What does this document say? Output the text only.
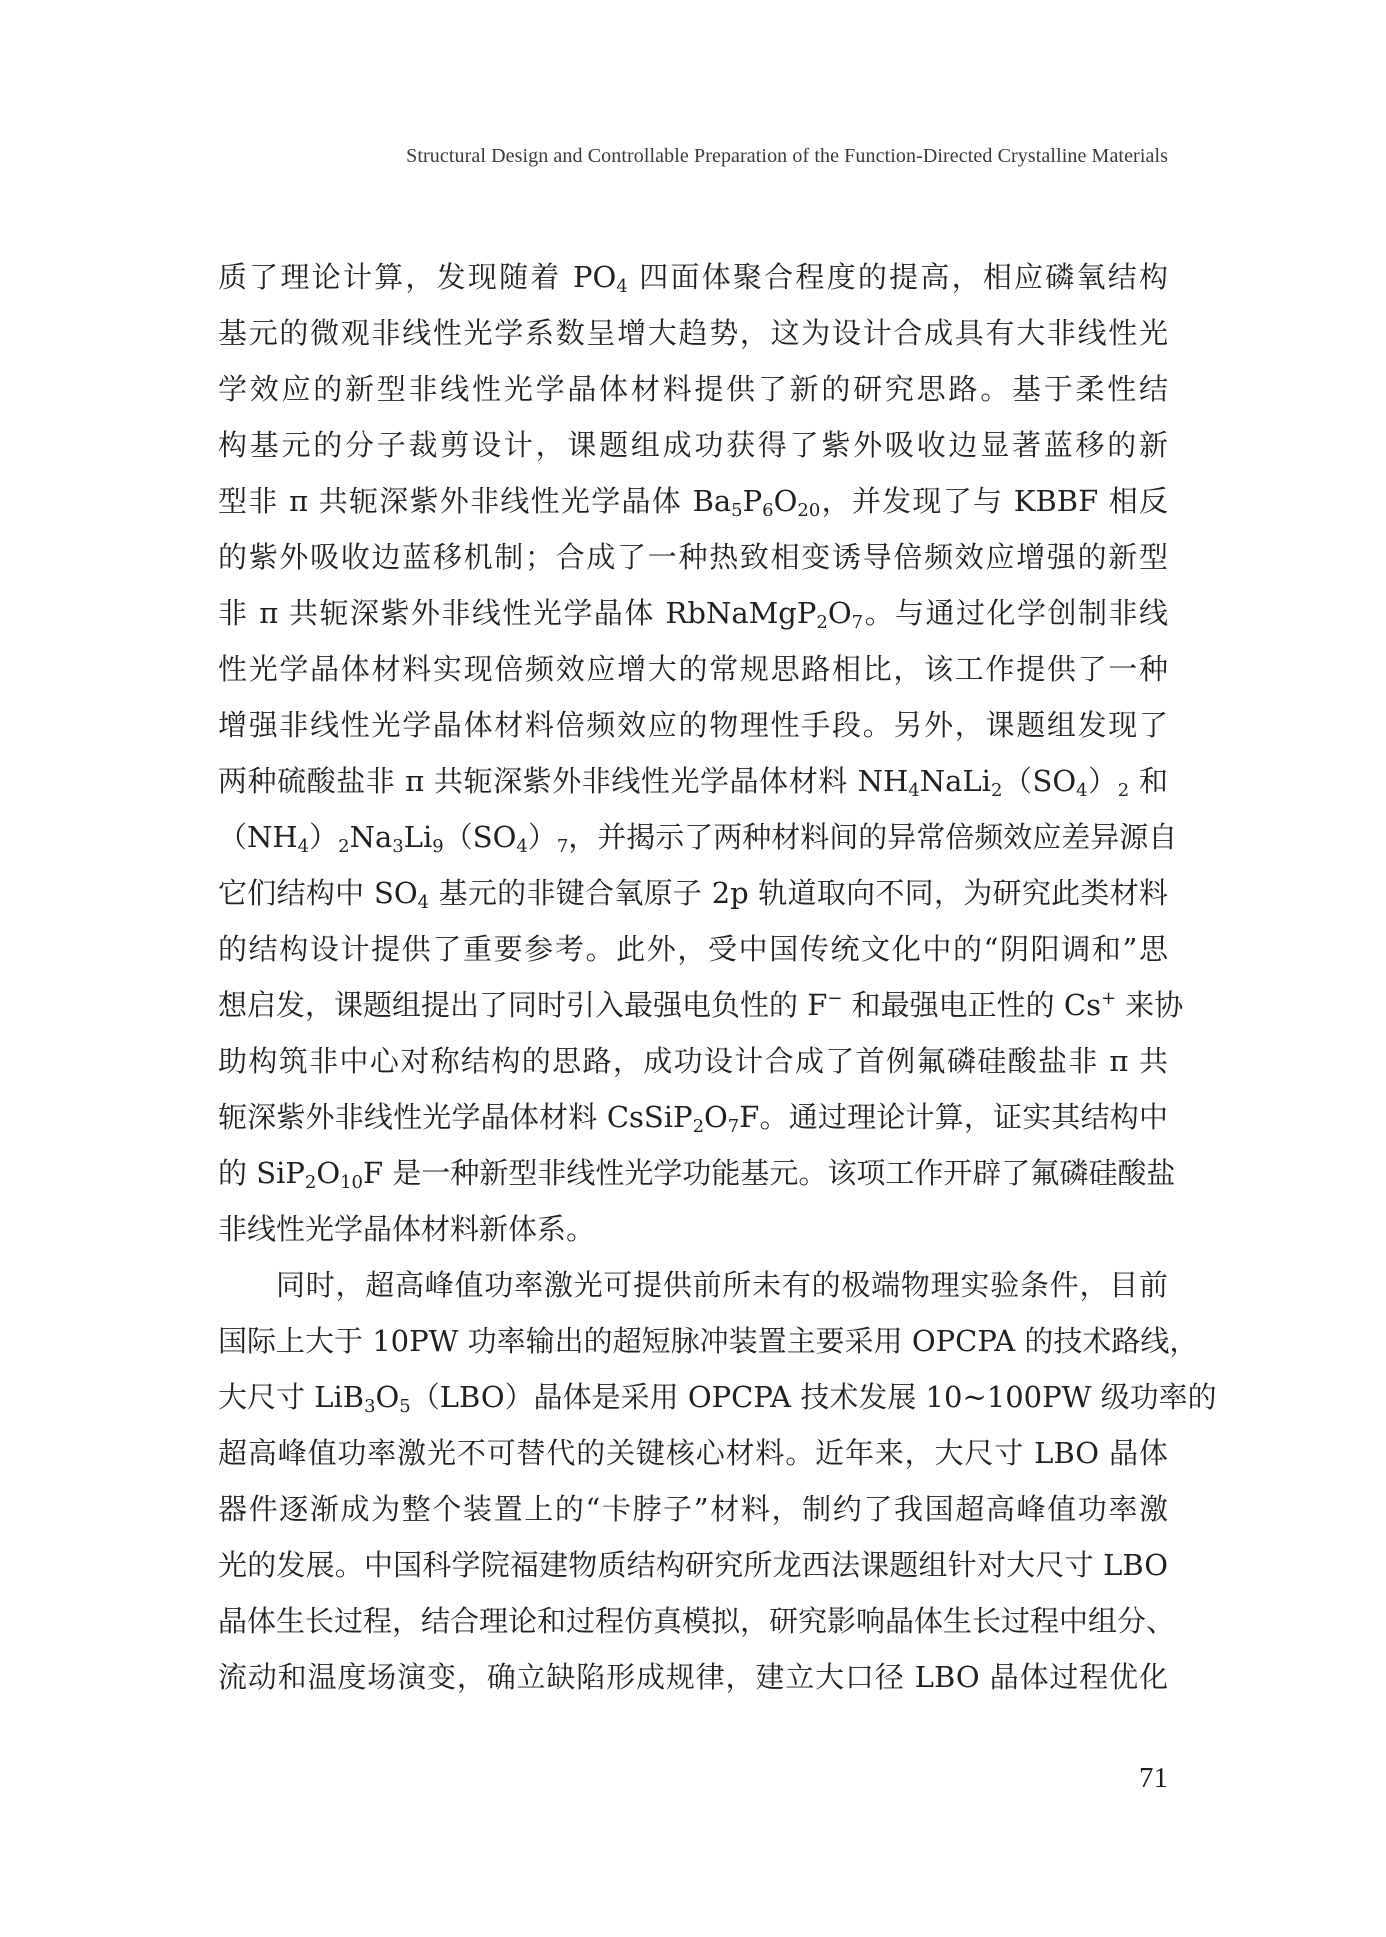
Structural Design and Controllable Preparation of the Function-Directed Crystalline Materials
质了理论计算，发现随着 $PO_4$ 四面体聚合程度的提高，相应磷氧结构
基元的微观非线性光学系数呈增大趋势，这为设计合成具有大非线性光
学效应的新型非线性光学晶体材料提供了新的研究思路。基于柔性结
构基元的分子裁剪设计，课题组成功获得了紫外吸收边显著蓝移的新
型非 π 共轭深紫外非线性光学晶体 $Ba_5P_6O_{20}$，并发现了与 KBBF 相反
的紫外吸收边蓝移机制；合成了一种热致相变诱导倍频效应增强的新型
非 π 共轭深紫外非线性光学晶体 $RbNaMgP_2O_7$。与通过化学创制非线
性光学晶体材料实现倍频效应增大的常规思路相比，该工作提供了一种
增强非线性光学晶体材料倍频效应的物理性手段。另外，课题组发现了
两种硫酸盐非 π 共轭深紫外非线性光学晶体材料 $NH_4NaLi_2(SO_4)_2$ 和
$(NH_4)_2Na_3Li_9(SO_4)_7$，并揭示了两种材料间的异常倍频效应差异源自
它们结构中 $SO_4$ 基元的非键合氧原子 2p 轨道取向不同，为研究此类材料
的结构设计提供了重要参考。此外，受中国传统文化中的“阴阳调和”思
想启发，课题组提出了同时引入最强电负性的 F− 和最强电正性的 Cs+ 来协
助构筑非中心对称结构的思路，成功设计合成了首例氟磷硅酸盐非 π 共
轭深紫外非线性光学晶体材料 $CsSiP_2O_7F$。通过理论计算，证实其结构中
的 $SiP_2O_{10}F$ 是一种新型非线性光学功能基元。该项工作开辟了氟磷硅酸盐
非线性光学晶体材料新体系。
同时，超高峰值功率激光可提供前所未有的极端物理实验条件，目前
国际上大于 10PW 功率输出的超短脉冲装置主要采用 OPCPA 的技术路线，
大尺寸 $LiB_3O_5(LBO)$晶体是采用 OPCPA 技术发展 10~100PW 级功率的
超高峰值功率激光不可替代的关键核心材料。近年来，大尺寸 LBO 晶体
器件逐渐成为整个装置上的“卡脖子”材料，制约了我国超高峰值功率激
光的发展。中国科学院福建物质结构研究所龙西法课题组针对大尺寸 LBO
晶体生长过程，结合理论和过程仿真模拟，研究影响晶体生长过程中组分、
流动和温度场演变，确立缺陷形成规律，建立大口径 LBO 晶体过程优化
71
